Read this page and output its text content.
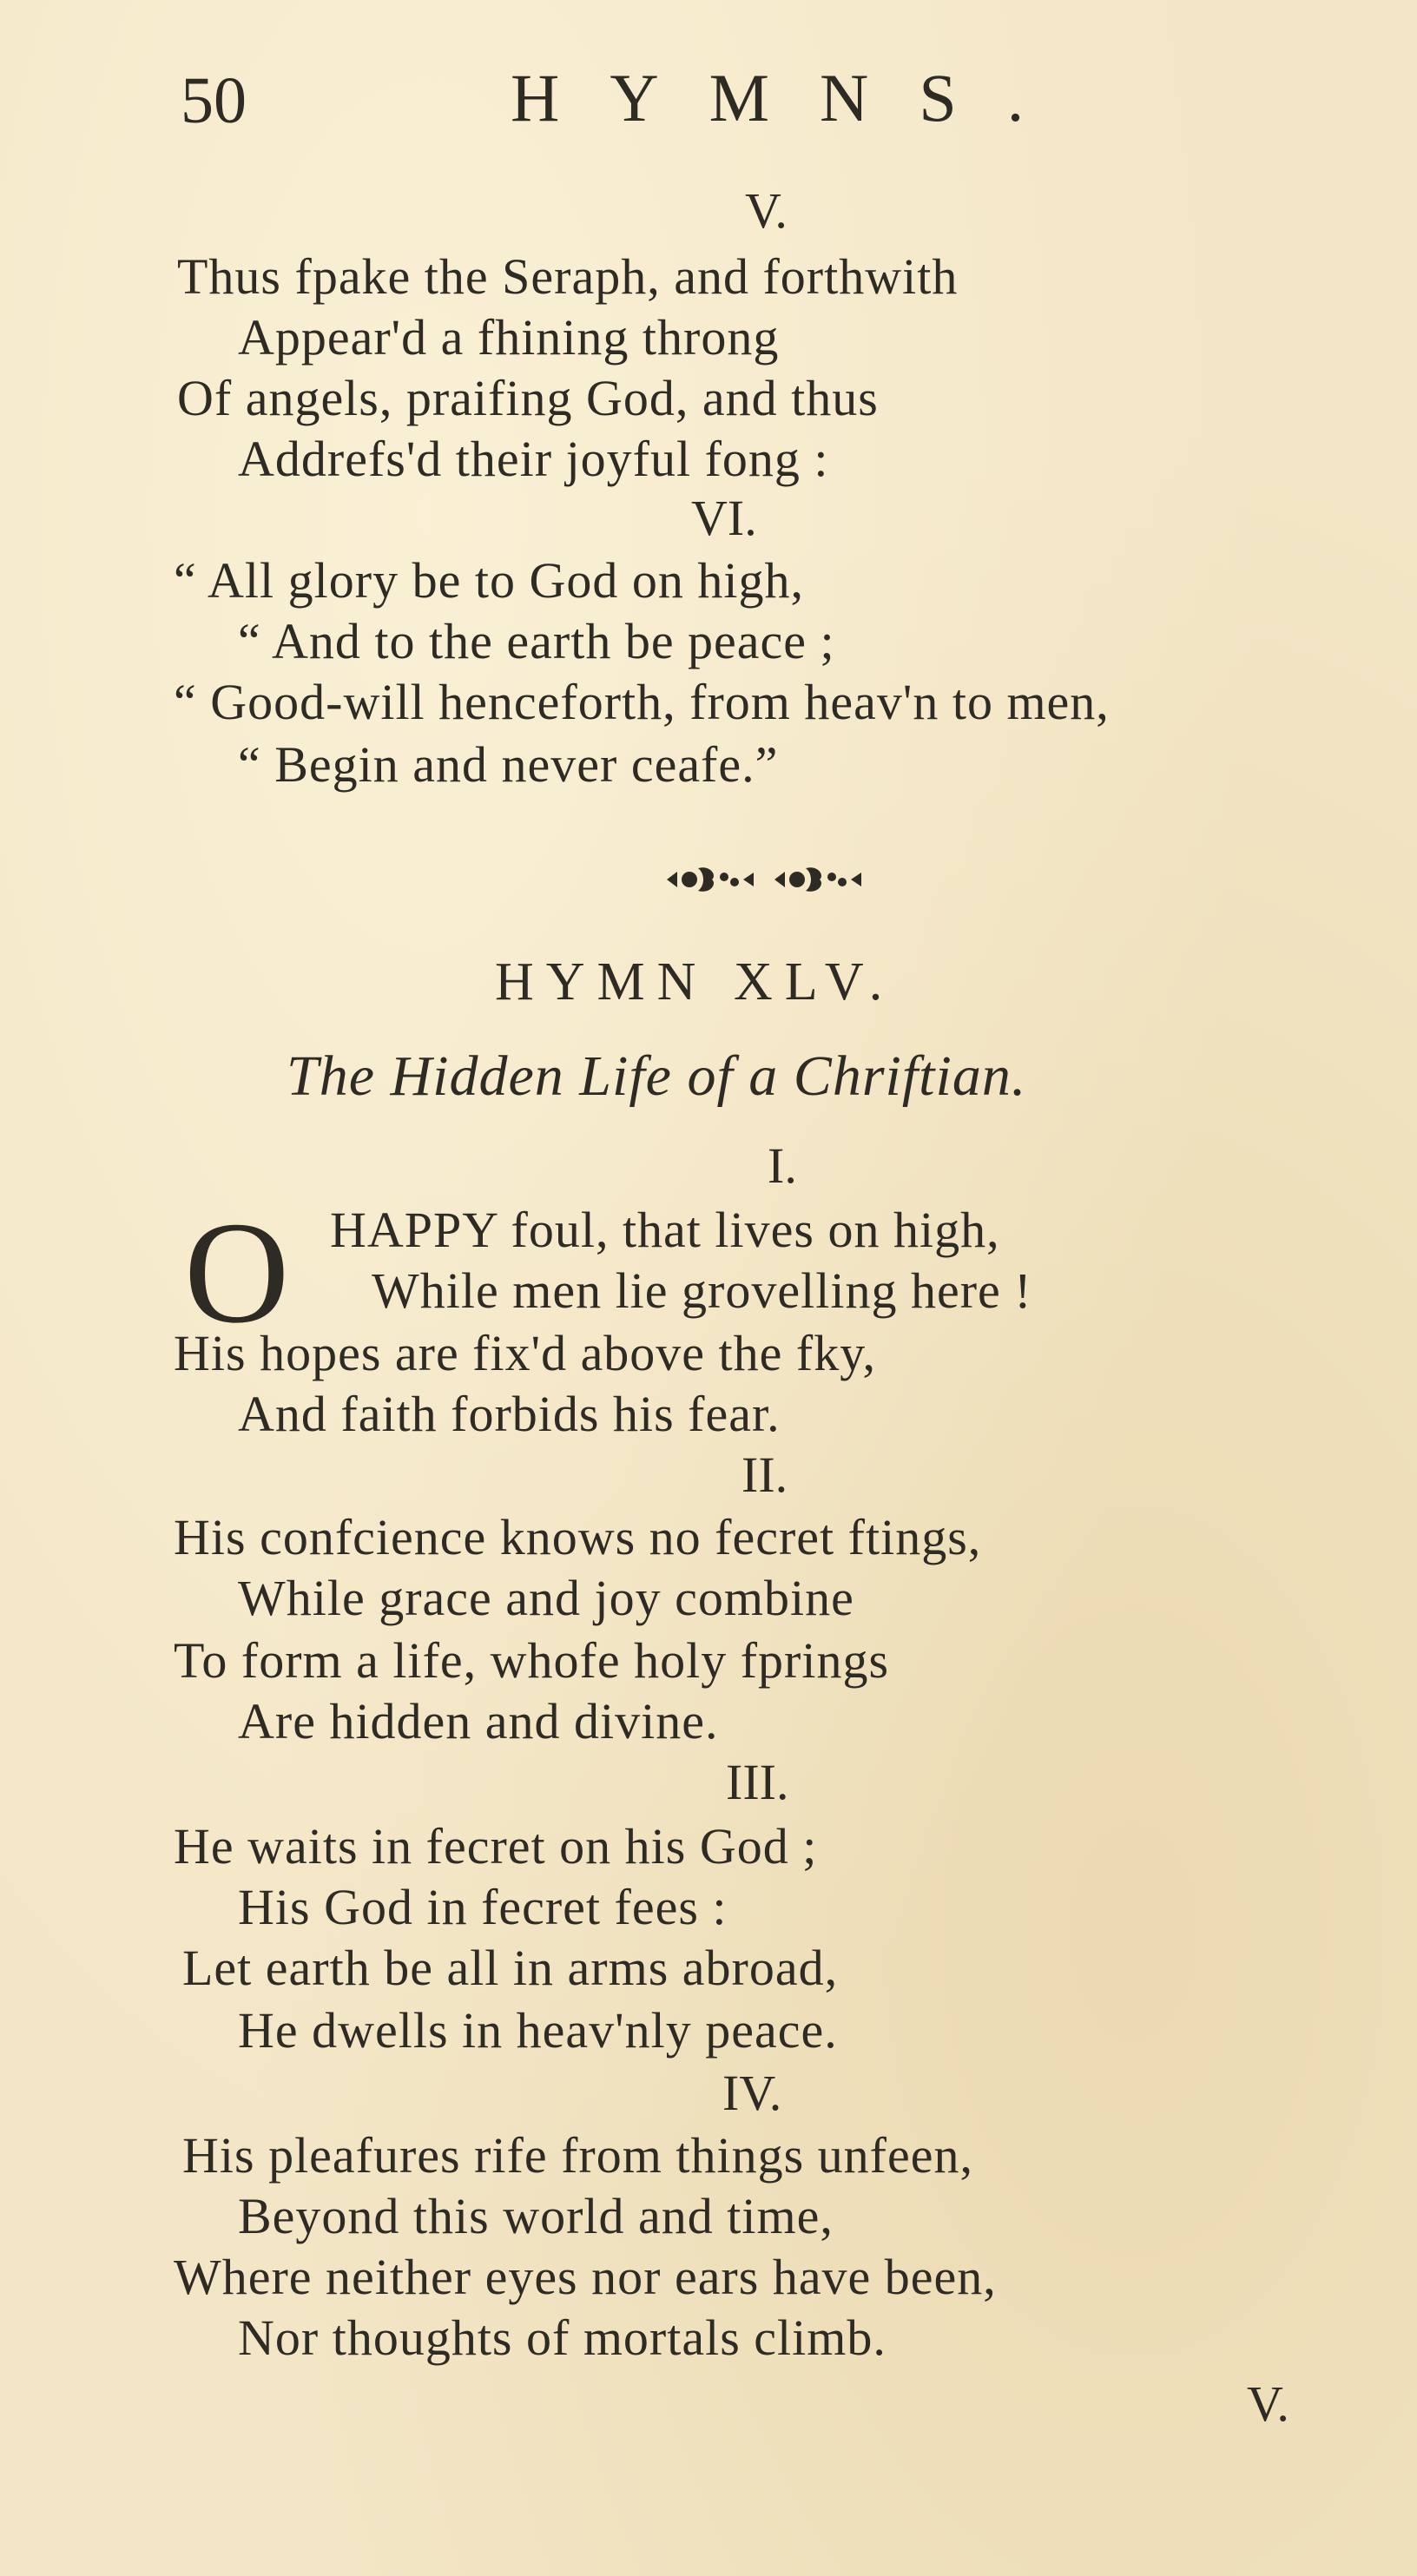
50	HYMNS.
V.
Thus fpake the Seraph, and forthwith
Appear'd a fhining throng
Of angels, praifing God, and thus
Addrefs'd their joyful fong :
VI.
“ All glory be to God on high,
“ And to the earth be peace ;
“ Good-will henceforth, from heav'n to men,
“ Begin and never ceafe.”
HYMN XLV.
The Hidden Life of a Chriftian.
I.
O HAPPY foul, that lives on high,
While men lie grovelling here !
His hopes are fix'd above the fky,
And faith forbids his fear.
II.
His confcience knows no fecret ftings,
While grace and joy combine
To form a life, whofe holy fprings
Are hidden and divine.
III.
He waits in fecret on his God ;
His God in fecret fees :
Let earth be all in arms abroad,
He dwells in heav'nly peace.
IV.
His pleafures rife from things unfeen,
Beyond this world and time,
Where neither eyes nor ears have been,
Nor thoughts of mortals climb.
V.
